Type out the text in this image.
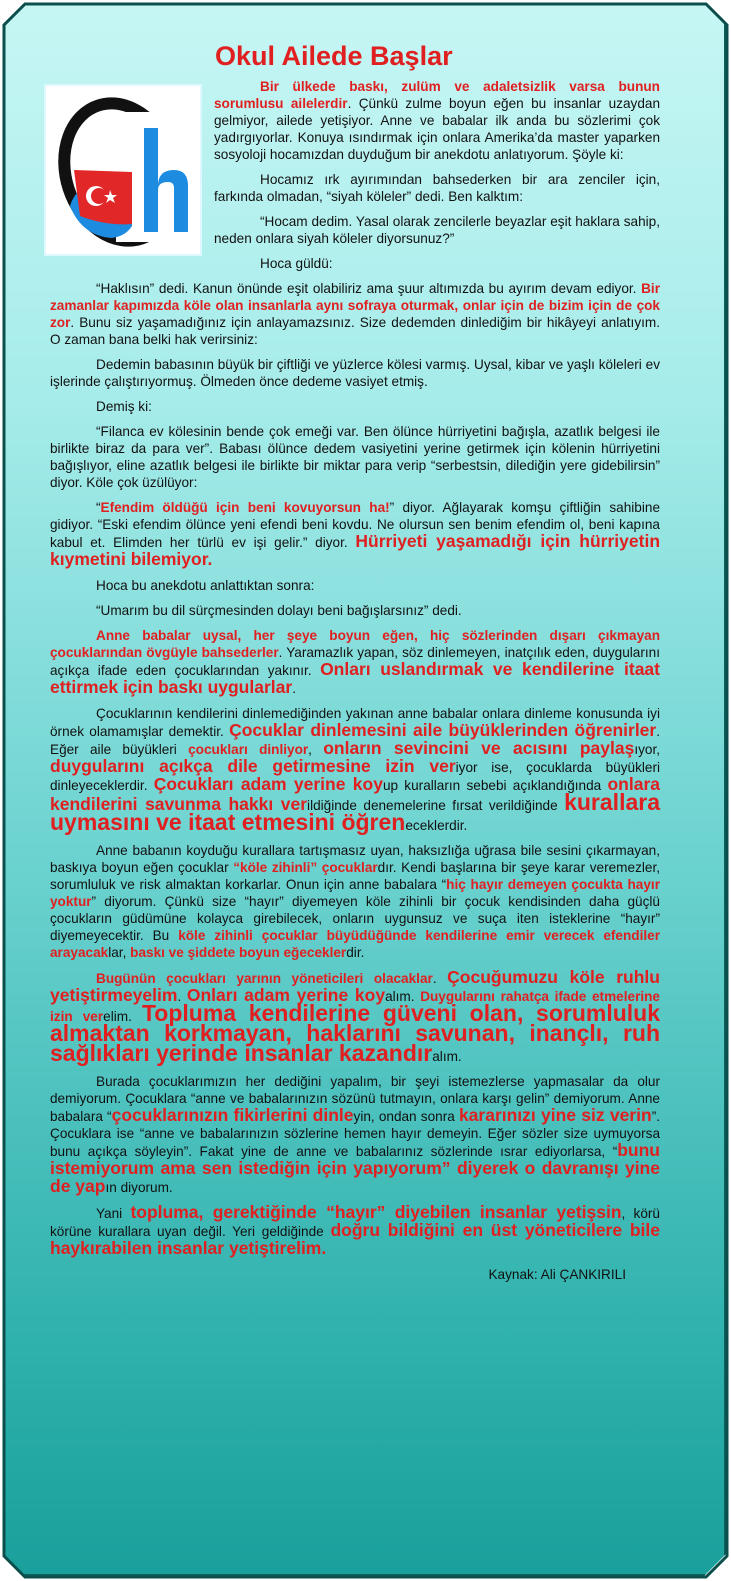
Okul Ailede Başlar

Bir ülkede baskı, zulüm ve adaletsizlik varsa bunun sorumlusu ailelerdir. Çünkü zulme boyun eğen bu insanlar uzaydan gelmiyor, ailede yetişiyor. Anne ve babalar ilk anda bu sözlerimi çok yadırgıyorlar. Konuya ısındırmak için onlara Amerika’da master yaparken sosyoloji hocamızdan duyduğum bir anekdotu anlatıyorum. Şöyle ki:

Hocamız ırk ayırımından bahsederken bir ara zenciler için, farkında olmadan, “siyah köleler” dedi. Ben kalktım:

“Hocam dedim. Yasal olarak zencilerle beyazlar eşit haklara sahip, neden onlara siyah köleler diyorsunuz?”

Hoca güldü:

“Haklısın” dedi. Kanun önünde eşit olabiliriz ama şuur altımızda bu ayırım devam ediyor. Bir zamanlar kapımızda köle olan insanlarla aynı sofraya oturmak, onlar için de bizim için de çok zor. Bunu siz yaşamadığınız için anlayamazsınız. Size dedemden dinlediğim bir hikâyeyi anlatıyım. O zaman bana belki hak verirsiniz:

Dedemin babasının büyük bir çiftliği ve yüzlerce kölesi varmış. Uysal, kibar ve yaşlı köleleri ev işlerinde çalıştırıyormuş. Ölmeden önce dedeme vasiyet etmiş.

Demiş ki:

“Filanca ev kölesinin bende çok emeği var. Ben ölünce hürriyetini bağışla, azatlık belgesi ile birlikte biraz da para ver”. Babası ölünce dedem vasiyetini yerine getirmek için kölenin hürriyetini bağışlıyor, eline azatlık belgesi ile birlikte bir miktar para verip “serbestsin, dilediğin yere gidebilirsin” diyor. Köle çok üzülüyor:

“Efendim öldüğü için beni kovuyorsun ha!” diyor. Ağlayarak komşu çiftliğin sahibine gidiyor. “Eski efendim ölünce yeni efendi beni kovdu. Ne olursun sen benim efendim ol, beni kapına kabul et. Elimden her türlü ev işi gelir.” diyor. Hürriyeti yaşamadığı için hürriyetin kıymetini bilemiyor.

Hoca bu anekdotu anlattıktan sonra:

“Umarım bu dil sürçmesinden dolayı beni bağışlarsınız” dedi.

Anne babalar uysal, her şeye boyun eğen, hiç sözlerinden dışarı çıkmayan çocuklarından övgüyle bahsederler. Yaramazlık yapan, söz dinlemeyen, inatçılık eden, duygularını açıkça ifade eden çocuklarından yakınır. Onları uslandırmak ve kendilerine itaat ettirmek için baskı uygularlar.

Çocuklarının kendilerini dinlemediğinden yakınan anne babalar onlara dinleme konusunda iyi örnek olamamışlar demektir. Çocuklar dinlemesini aile büyüklerinden öğrenirler. Eğer aile büyükleri çocukları dinliyor, onların sevincini ve acısını paylaşıyor, duygularını açıkça dile getirmesine izin veriyor ise, çocuklarda büyükleri dinleyeceklerdir. Çocukları adam yerine koyup kuralların sebebi açıklandığında onlara kendilerini savunma hakkı verildiğinde denemelerine fırsat verildiğinde kurallara uymasını ve itaat etmesini öğreneceklerdir.

Anne babanın koyduğu kurallara tartışmasız uyan, haksızlığa uğrasa bile sesini çıkarmayan, baskıya boyun eğen çocuklar “köle zihinli” çocuklardır. Kendi başlarına bir şeye karar veremezler, sorumluluk ve risk almaktan korkarlar. Onun için anne babalara “hiç hayır demeyen çocukta hayır yoktur” diyorum. Çünkü size “hayır” diyemeyen köle zihinli bir çocuk kendisinden daha güçlü çocukların güdümüne kolayca girebilecek, onların uygunsuz ve suça iten isteklerine “hayır” diyemeyecektir. Bu köle zihinli çocuklar büyüdüğünde kendilerine emir verecek efendiler arayacaklar, baskı ve şiddete boyun eğeceklerdir.

Bugünün çocukları yarının yöneticileri olacaklar. Çocuğumuzu köle ruhlu yetiştirmeyelim. Onları adam yerine koyalım. Duygularını rahatça ifade etmelerine izin verelim. Topluma kendilerine güveni olan, sorumluluk almaktan korkmayan, haklarını savunan, inançlı, ruh sağlıkları yerinde insanlar kazandıralım.

Burada çocuklarımızın her dediğini yapalım, bir şeyi istemezlerse yapmasalar da olur demiyorum. Çocuklara “anne ve babalarınızın sözünü tutmayın, onlara karşı gelin” demiyorum. Anne babalara “çocuklarınızın fikirlerini dinleyin, ondan sonra kararınızı yine siz verin”. Çocuklara ise “anne ve babalarınızın sözlerine hemen hayır demeyin. Eğer sözler size uymuyorsa bunu açıkça söyleyin”. Fakat yine de anne ve babalarınız sözlerinde ısrar ediyorlarsa, “bunu istemiyorum ama sen istediğin için yapıyorum” diyerek o davranışı yine de yapın diyorum.

Yani topluma, gerektiğinde “hayır” diyebilen insanlar yetişsin, körü körüne kurallara uyan değil. Yeri geldiğinde doğru bildiğini en üst yöneticilere bile haykırabilen insanlar yetiştirelim.

Kaynak: Ali ÇANKIRILI
